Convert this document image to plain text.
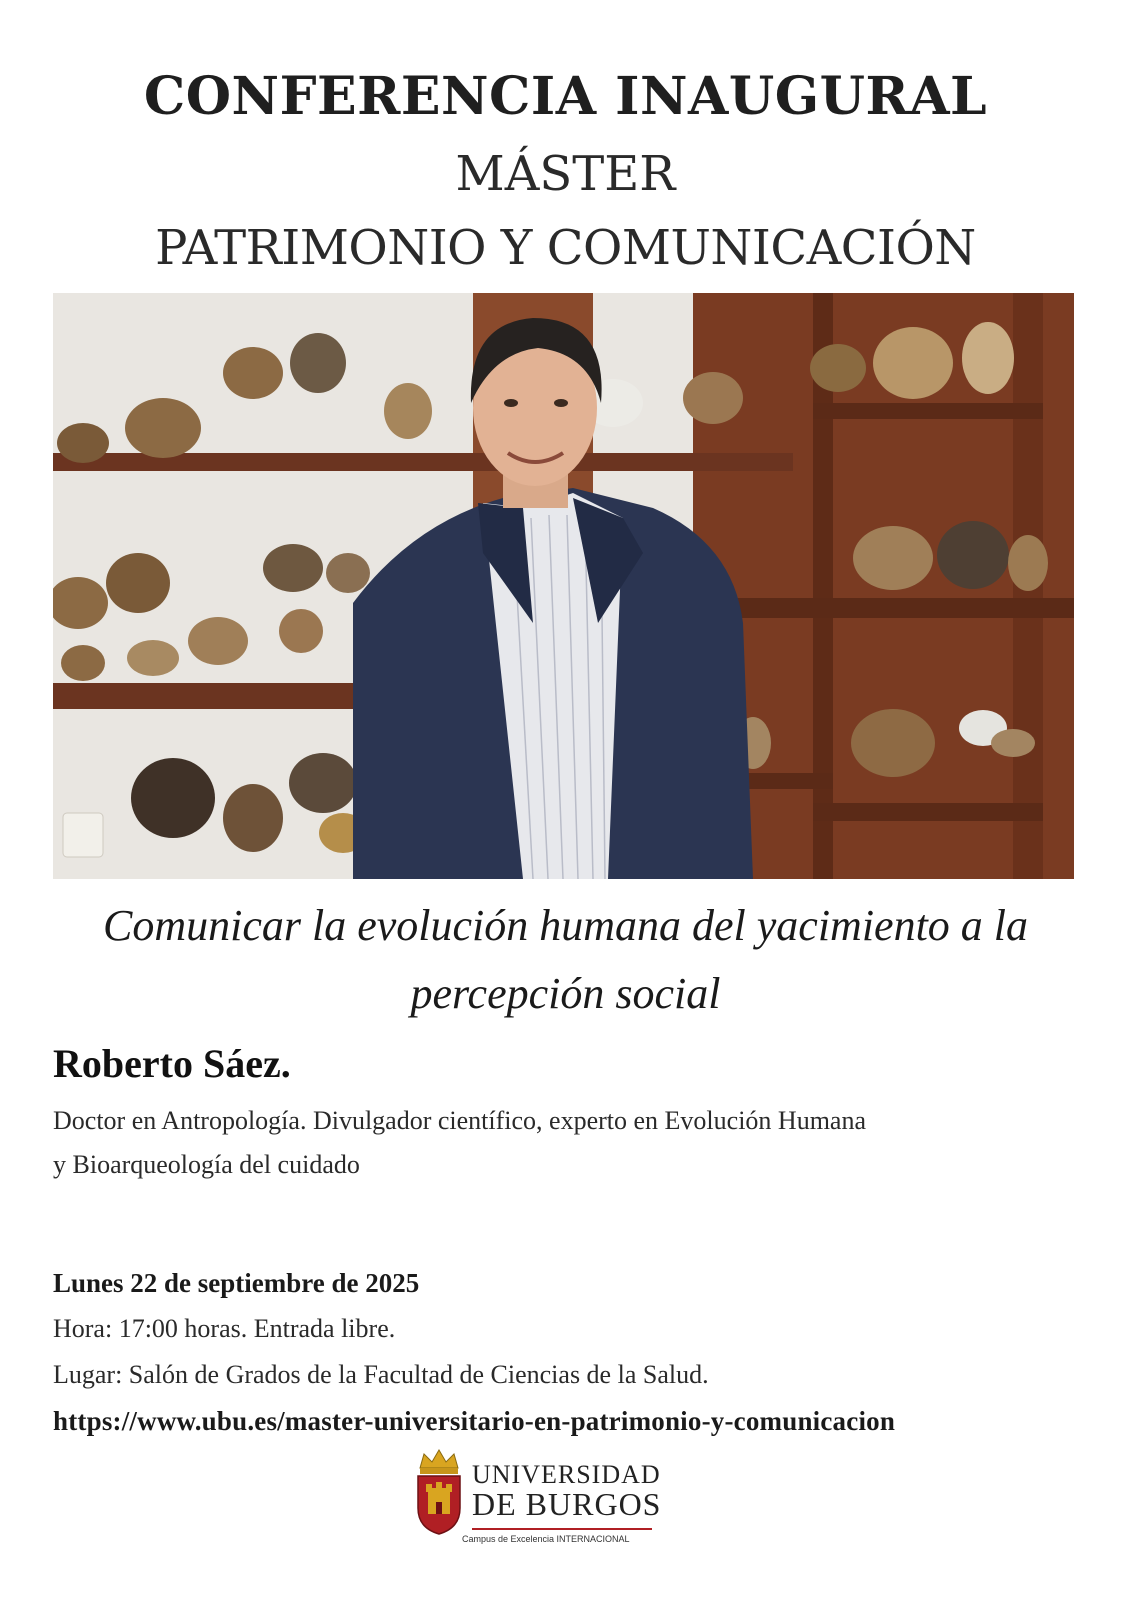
CONFERENCIA INAUGURAL
MÁSTER
PATRIMONIO Y COMUNICACIÓN
Comunicar la evolución humana del yacimiento a la
percepción social
Roberto Sáez.
Doctor en Antropología. Divulgador científico, experto en Evolución Humana
y Bioarqueología del cuidado
Lunes 22 de septiembre de 2025
Hora: 17:00 horas. Entrada libre.
Lugar: Salón de Grados de la Facultad de Ciencias de la Salud.
https://www.ubu.es/master-universitario-en-patrimonio-y-comunicacion
UNIVERSIDAD
DE BURGOS
Campus de Excelencia INTERNACIONAL
